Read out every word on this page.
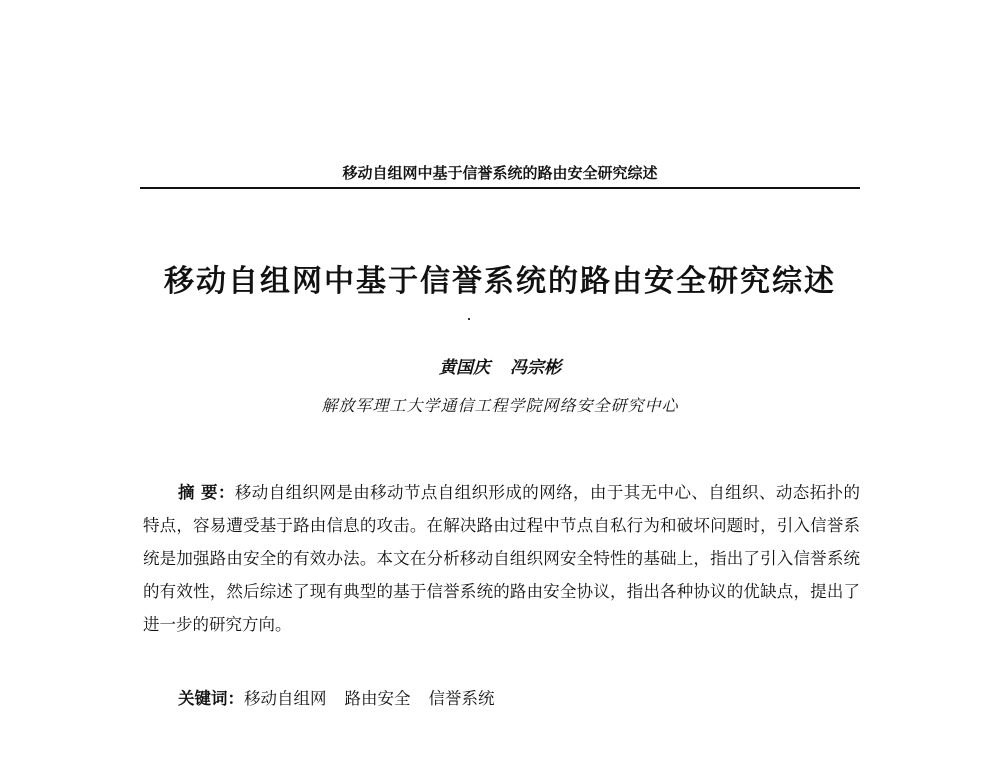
移动自组网中基于信誉系统的路由安全研究综述
移动自组网中基于信誉系统的路由安全研究综述
黄国庆 冯宗彬
解放军理工大学通信工程学院网络安全研究中心

摘 要：移动自组织网是由移动节点自组织形成的网络，由于其无中心、自组织、动态拓扑的特点，容易遭受基于路由信息的攻击。在解决路由过程中节点自私行为和破坏问题时，引入信誉系统是加强路由安全的有效办法。本文在分析移动自组织网安全特性的基础上，指出了引入信誉系统的有效性，然后综述了现有典型的基于信誉系统的路由安全协议，指出各种协议的优缺点，提出了进一步的研究方向。

关键词：移动自组网 路由安全 信誉系统
